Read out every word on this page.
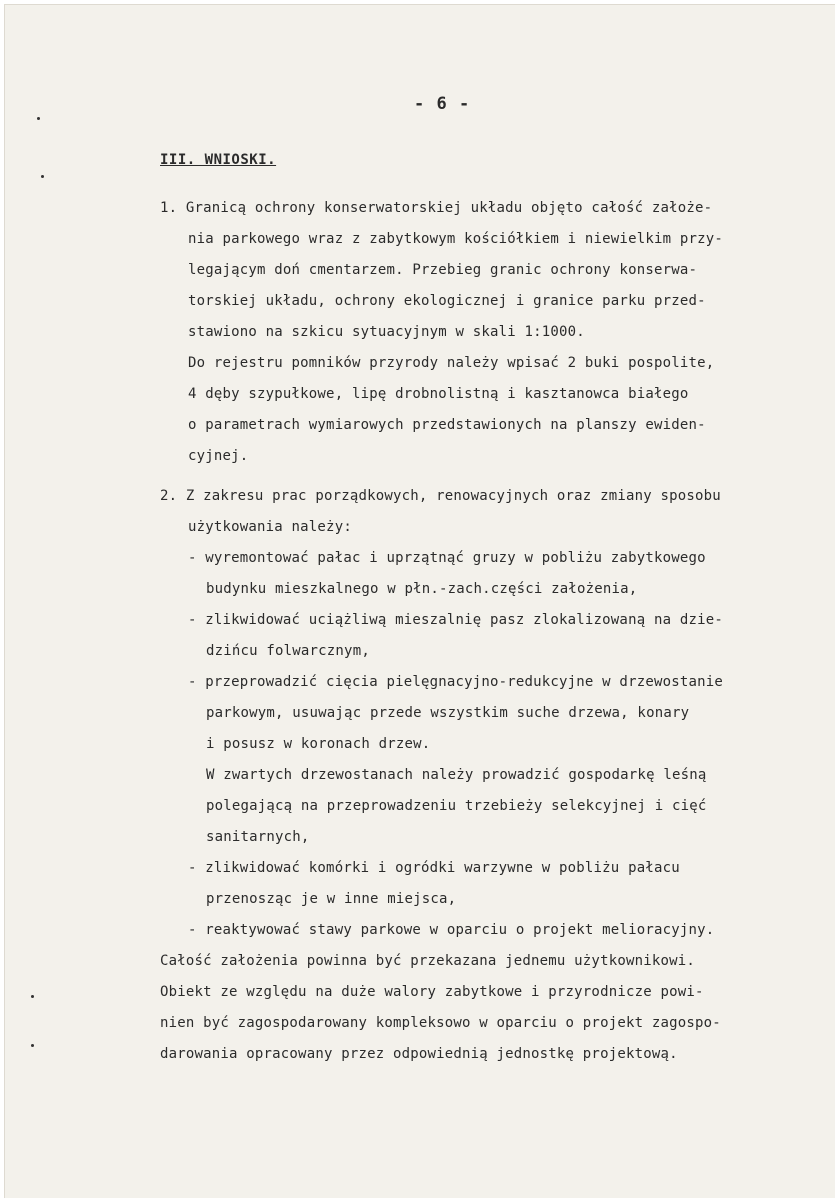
- 6 -
III. WNIOSKI.
1. Granicą ochrony konserwatorskiej układu objęto całość założe-
nia parkowego wraz z zabytkowym kościółkiem i niewielkim przy-
legającym doń cmentarzem. Przebieg granic ochrony konserwa-
torskiej układu, ochrony ekologicznej i granice parku przed-
stawiono na szkicu sytuacyjnym w skali 1:1000.
Do rejestru pomników przyrody należy wpisać 2 buki pospolite,
4 dęby szypułkowe, lipę drobnolistną i kasztanowca białego
o parametrach wymiarowych przedstawionych na planszy ewiden-
cyjnej.
2. Z zakresu prac porządkowych, renowacyjnych oraz zmiany sposobu
użytkowania należy:
- wyremontować pałac i uprzątnąć gruzy w pobliżu zabytkowego
budynku mieszkalnego w płn.-zach.części założenia,
- zlikwidować uciążliwą mieszalnię pasz zlokalizowaną na dzie-
dzińcu folwarcznym,
- przeprowadzić cięcia pielęgnacyjno-redukcyjne w drzewostanie
parkowym, usuwając przede wszystkim suche drzewa, konary
i posusz w koronach drzew.
W zwartych drzewostanach należy prowadzić gospodarkę leśną
polegającą na przeprowadzeniu trzebieży selekcyjnej i cięć
sanitarnych,
- zlikwidować komórki i ogródki warzywne w pobliżu pałacu
przenosząc je w inne miejsca,
- reaktywować stawy parkowe w oparciu o projekt melioracyjny.
Całość założenia powinna być przekazana jednemu użytkownikowi.
Obiekt ze względu na duże walory zabytkowe i przyrodnicze powi-
nien być zagospodarowany kompleksowo w oparciu o projekt zagospo-
darowania opracowany przez odpowiednią jednostkę projektową.
